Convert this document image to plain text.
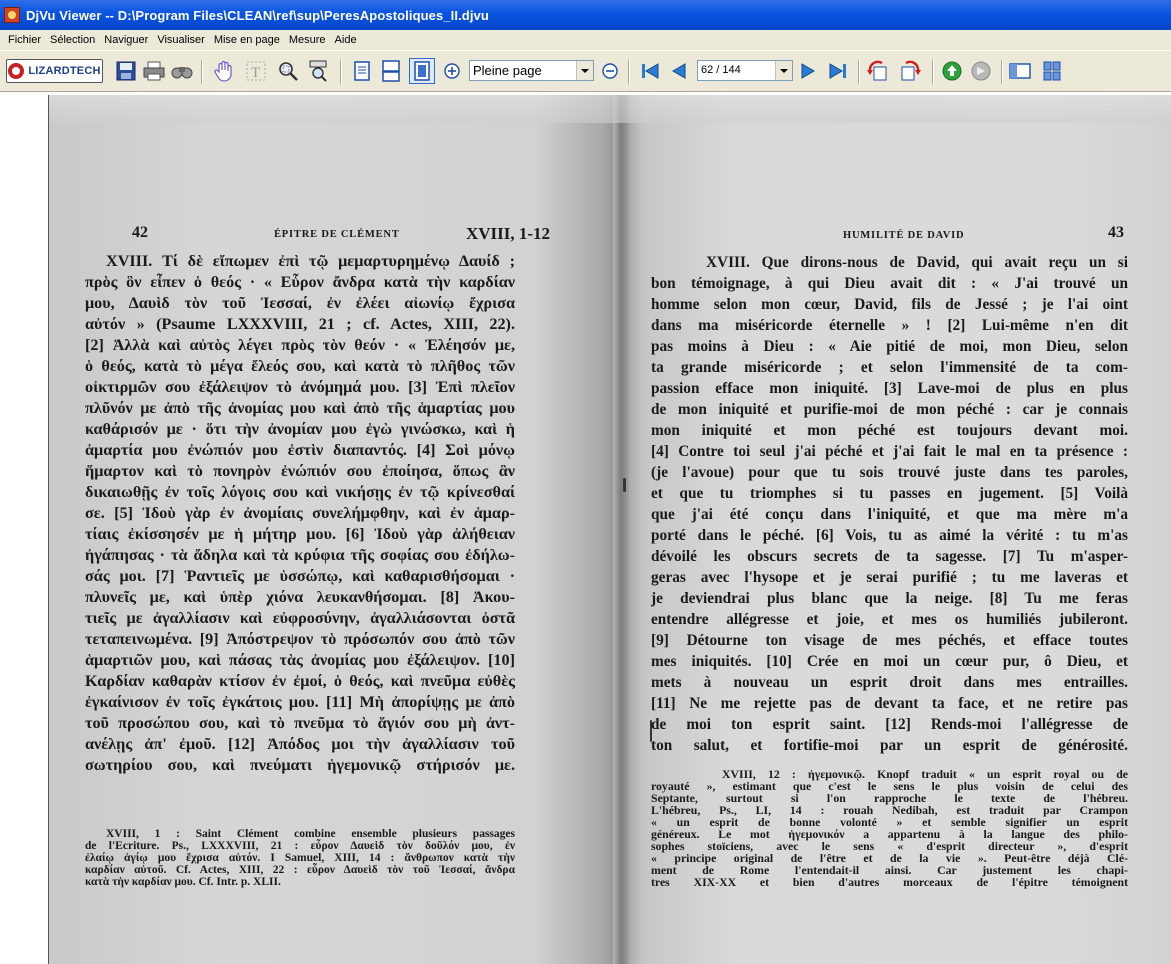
DjVu Viewer -- D:\Program Files\CLEAN\ref\sup\PeresApostoliques_II.djvu
Fichier Sélection Naviguer Visualiser Mise en page Mesure Aide
LIZARDTECH	T	Pleine page	62 / 144
42	ÉPITRE DE CLÉMENT	XVIII, 1-12
XVIII. Τί δὲ εἴπωμεν ἐπὶ τῷ μεμαρτυρημένῳ Δαυίδ ;
πρὸς ὃν εἶπεν ὁ θεός · « Εὗρον ἄνδρα κατὰ τὴν καρδίαν
μου, Δαυὶδ τὸν τοῦ Ἰεσσαί, ἐν ἐλέει αἰωνίῳ ἔχρισα
αὐτόν » (Psaume LXXXVIII, 21 ; cf. Actes, XIII, 22).
[2] Ἀλλὰ καὶ αὐτὸς λέγει πρὸς τὸν θεόν · « Ἐλέησόν με,
ὁ θεός, κατὰ τὸ μέγα ἔλεός σου, καὶ κατὰ τὸ πλῆθος τῶν
οἰκτιρμῶν σου ἐξάλειψον τὸ ἀνόμημά μου. [3] Ἐπὶ πλεῖον
πλῦνόν με ἀπὸ τῆς ἀνομίας μου καὶ ἀπὸ τῆς ἁμαρτίας μου
καθάρισόν με · ὅτι τὴν ἀνομίαν μου ἐγὼ γινώσκω, καὶ ἡ
ἁμαρτία μου ἐνώπιόν μου ἐστὶν διαπαντός. [4] Σοὶ μόνῳ
ἥμαρτον καὶ τὸ πονηρὸν ἐνώπιόν σου ἐποίησα, ὅπως ἂν
δικαιωθῇς ἐν τοῖς λόγοις σου καὶ νικήσῃς ἐν τῷ κρίνεσθαί
σε. [5] Ἰδοὺ γὰρ ἐν ἀνομίαις συνελήμφθην, καὶ ἐν ἁμαρ-
τίαις ἐκίσσησέν με ἡ μήτηρ μου. [6] Ἰδοὺ γὰρ ἀλήθειαν
ἠγάπησας · τὰ ἄδηλα καὶ τὰ κρύφια τῆς σοφίας σου ἐδήλω-
σάς μοι. [7] Ῥαντιεῖς με ὑσσώπῳ, καὶ καθαρισθήσομαι ·
πλυνεῖς με, καὶ ὑπὲρ χιόνα λευκανθήσομαι. [8] Ἀκου-
τιεῖς με ἀγαλλίασιν καὶ εὐφροσύνην, ἀγαλλιάσονται ὀστᾶ
τεταπεινωμένα. [9] Ἀπόστρεψον τὸ πρόσωπόν σου ἀπὸ τῶν
ἁμαρτιῶν μου, καὶ πάσας τὰς ἀνομίας μου ἐξάλειψον. [10]
Καρδίαν καθαρὰν κτίσον ἐν ἐμοί, ὁ θεός, καὶ πνεῦμα εὐθὲς
ἐγκαίνισον ἐν τοῖς ἐγκάτοις μου. [11] Μὴ ἀπορίψῃς με ἀπὸ
τοῦ προσώπου σου, καὶ τὸ πνεῦμα τὸ ἅγιόν σου μὴ ἀντ-
ανέλῃς ἀπ' ἐμοῦ. [12] Ἀπόδος μοι τὴν ἀγαλλίασιν τοῦ
σωτηρίου σου, καὶ πνεύματι ἡγεμονικῷ στήρισόν με.
XVIII, 1 : Saint Clément combine ensemble plusieurs passages
de l'Ecriture. Ps., LXXXVIII, 21 : εὗρον Δαυεὶδ τὸν δοῦλόν μου, ἐν
ἐλαίῳ ἁγίῳ μου ἔχρισα αὐτόν. I Samuel, XIII, 14 : ἄνθρωπον κατὰ τὴν
καρδίαν αὐτοῦ. Cf. Actes, XIII, 22 : εὗρον Δαυεὶδ τὸν τοῦ Ἰεσσαί, ἄνδρα
κατὰ τὴν καρδίαν μου. Cf. Intr. p. XLII.
HUMILITÉ DE DAVID	43
XVIII. Que dirons-nous de David, qui avait reçu un si
bon témoignage, à qui Dieu avait dit : « J'ai trouvé un
homme selon mon cœur, David, fils de Jessé ; je l'ai oint
dans ma miséricorde éternelle » ! [2] Lui-même n'en dit
pas moins à Dieu : « Aie pitié de moi, mon Dieu, selon
ta grande miséricorde ; et selon l'immensité de ta com-
passion efface mon iniquité. [3] Lave-moi de plus en plus
de mon iniquité et purifie-moi de mon péché : car je connais
mon iniquité et mon péché est toujours devant moi.
[4] Contre toi seul j'ai péché et j'ai fait le mal en ta présence :
(je l'avoue) pour que tu sois trouvé juste dans tes paroles,
et que tu triomphes si tu passes en jugement. [5] Voilà
que j'ai été conçu dans l'iniquité, et que ma mère m'a
porté dans le péché. [6] Vois, tu as aimé la vérité : tu m'as
dévoilé les obscurs secrets de ta sagesse. [7] Tu m'asper-
geras avec l'hysope et je serai purifié ; tu me laveras et
je deviendrai plus blanc que la neige. [8] Tu me feras
entendre allégresse et joie, et mes os humiliés jubileront.
[9] Détourne ton visage de mes péchés, et efface toutes
mes iniquités. [10] Crée en moi un cœur pur, ô Dieu, et
mets à nouveau un esprit droit dans mes entrailles.
[11] Ne me rejette pas de devant ta face, et ne retire pas
de moi ton esprit saint. [12] Rends-moi l'allégresse de
ton salut, et fortifie-moi par un esprit de générosité.
XVIII, 12 : ἡγεμονικῷ. Knopf traduit « un esprit royal ou de
royauté », estimant que c'est le sens le plus voisin de celui des
Septante, surtout si l'on rapproche le texte de l'hébreu.
L'hébreu, Ps., LI, 14 : rouah Nedibah, est traduit par Crampon
« un esprit de bonne volonté » et semble signifier un esprit
généreux. Le mot ἡγεμονικόν a appartenu à la langue des philo-
sophes stoïciens, avec le sens « d'esprit directeur », d'esprit
« principe original de l'être et de la vie ». Peut-être déjà Clé-
ment de Rome l'entendait-il ainsi. Car justement les chapi-
tres XIX-XX et bien d'autres morceaux de l'épitre témoignent
